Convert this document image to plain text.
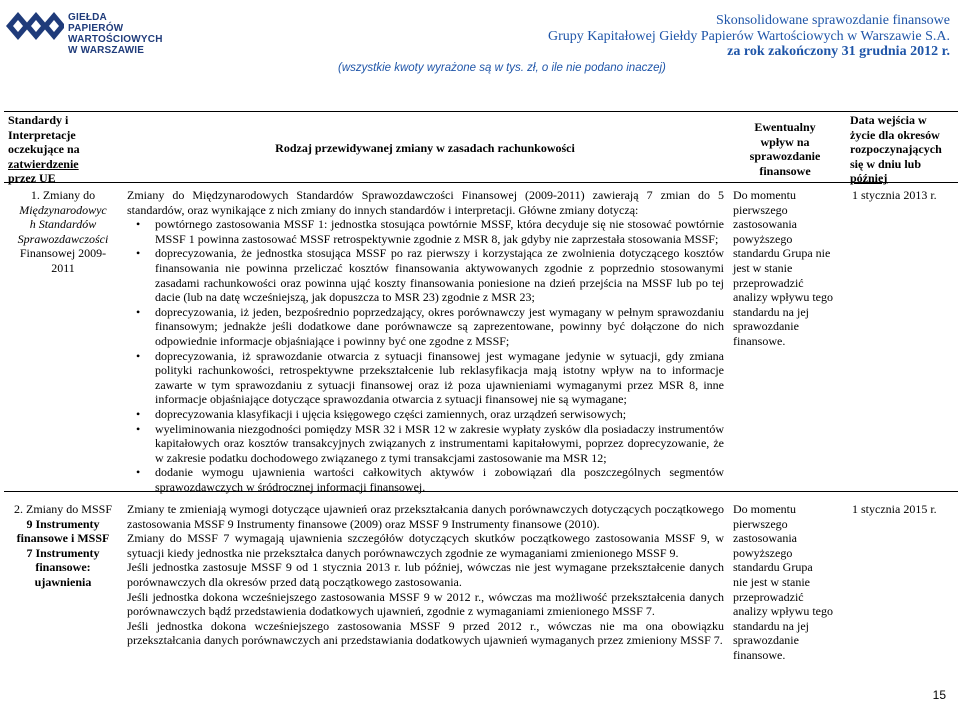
GIEŁDA PAPIERÓW
WARTOŚCIOWYCH
W WARSZAWIE
Skonsolidowane sprawozdanie finansowe
Grupy Kapitałowej Giełdy Papierów Wartościowych w Warszawie S.A.
za rok zakończony 31 grudnia 2012 r.
(wszystkie kwoty wyrażone są w tys. zł, o ile nie podano inaczej)
Standardy i
Interpretacje
oczekujące na
zatwierdzenie
przez UE
Rodzaj przewidywanej zmiany w zasadach rachunkowości
Ewentualny
wpływ na
sprawozdanie
finansowe
Data wejścia w
życie dla okresów
rozpoczynających
się w dniu lub
później
1. Zmiany do
Międzynarodowyc
h Standardów
Sprawozdawczości
Finansowej 2009-
2011
Zmiany do Międzynarodowych Standardów Sprawozdawczości Finansowej (2009-2011) zawierają 7 zmian do 5 standardów, oraz wynikające z nich zmiany do innych standardów i interpretacji. Główne zmiany dotyczą:
• powtórnego zastosowania MSSF 1: jednostka stosująca powtórnie MSSF, która decyduje się nie stosować powtórnie MSSF 1 powinna zastosować MSSF retrospektywnie zgodnie z MSR 8, jak gdyby nie zaprzestała stosowania MSSF;
• doprecyzowania, że jednostka stosująca MSSF po raz pierwszy i korzystająca ze zwolnienia dotyczącego kosztów finansowania nie powinna przeliczać kosztów finansowania aktywowanych zgodnie z poprzednio stosowanymi zasadami rachunkowości oraz powinna ująć koszty finansowania poniesione na dzień przejścia na MSSF lub po tej dacie (lub na datę wcześniejszą, jak dopuszcza to MSR 23) zgodnie z MSR 23;
• doprecyzowania, iż jeden, bezpośrednio poprzedzający, okres porównawczy jest wymagany w pełnym sprawozdaniu finansowym; jednakże jeśli dodatkowe dane porównawcze są zaprezentowane, powinny być dołączone do nich odpowiednie informacje objaśniające i powinny być one zgodne z MSSF;
• doprecyzowania, iż sprawozdanie otwarcia z sytuacji finansowej jest wymagane jedynie w sytuacji, gdy zmiana polityki rachunkowości, retrospektywne przekształcenie lub reklasyfikacja mają istotny wpływ na to informacje zawarte w tym sprawozdaniu z sytuacji finansowej oraz iż poza ujawnieniami wymaganymi przez MSR 8, inne informacje objaśniające dotyczące sprawozdania otwarcia z sytuacji finansowej nie są wymagane;
• doprecyzowania klasyfikacji i ujęcia księgowego części zamiennych, oraz urządzeń serwisowych;
• wyeliminowania niezgodności pomiędzy MSR 32 i MSR 12 w zakresie wypłaty zysków dla posiadaczy instrumentów kapitałowych oraz kosztów transakcyjnych związanych z instrumentami kapitałowymi, poprzez doprecyzowanie, że w zakresie podatku dochodowego związanego z tymi transakcjami zastosowanie ma MSR 12;
• dodanie wymogu ujawnienia wartości całkowitych aktywów i zobowiązań dla poszczególnych segmentów sprawozdawczych w śródrocznej informacji finansowej.
Do momentu
pierwszego
zastosowania
powyższego
standardu Grupa nie
jest w stanie
przeprowadzić
analizy wpływu tego
standardu na jej
sprawozdanie
finansowe.
1 stycznia 2013 r.
2. Zmiany do MSSF
9 Instrumenty
finansowe i MSSF
7 Instrumenty
finansowe:
ujawnienia
Zmiany te zmieniają wymogi dotyczące ujawnień oraz przekształcania danych porównawczych dotyczących początkowego zastosowania MSSF 9 Instrumenty finansowe (2009) oraz MSSF 9 Instrumenty finansowe (2010).
Zmiany do MSSF 7 wymagają ujawnienia szczegółów dotyczących skutków początkowego zastosowania MSSF 9, w sytuacji kiedy jednostka nie przekształca danych porównawczych zgodnie ze wymaganiami zmienionego MSSF 9.
Jeśli jednostka zastosuje MSSF 9 od 1 stycznia 2013 r. lub później, wówczas nie jest wymagane przekształcenie danych porównawczych dla okresów przed datą początkowego zastosowania.
Jeśli jednostka dokona wcześniejszego zastosowania MSSF 9 w 2012 r., wówczas ma możliwość przekształcenia danych porównawczych bądź przedstawienia dodatkowych ujawnień, zgodnie z wymaganiami zmienionego MSSF 7.
Jeśli jednostka dokona wcześniejszego zastosowania MSSF 9 przed 2012 r., wówczas nie ma ona obowiązku przekształcania danych porównawczych ani przedstawiania dodatkowych ujawnień wymaganych przez zmieniony MSSF 7.
Do momentu
pierwszego
zastosowania
powyższego
standardu Grupa
nie jest w stanie
przeprowadzić
analizy wpływu tego
standardu na jej
sprawozdanie
finansowe.
1 stycznia 2015 r.
15
